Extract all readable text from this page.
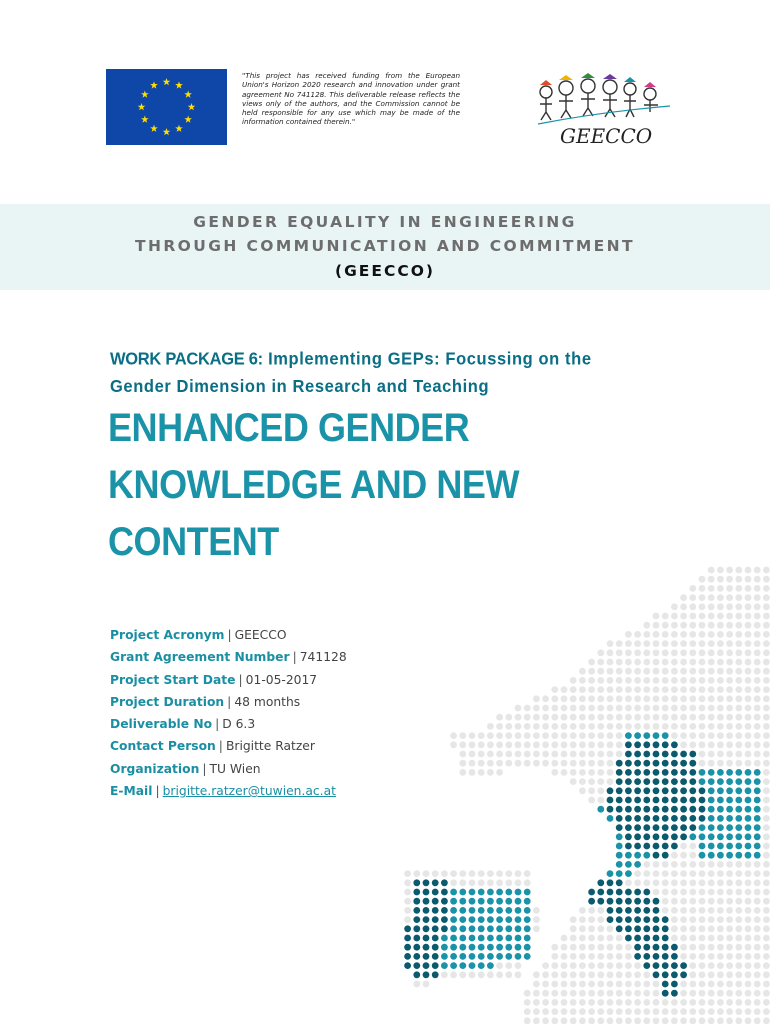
"This project has received funding from the European Union's Horizon 2020 research and innovation under grant agreement No 741128. This deliverable release reflects the views only of the authors, and the Commission cannot be held responsible for any use which may be made of the information contained therein."
GEECCO
GENDER EQUALITY IN ENGINEERING
THROUGH COMMUNICATION AND COMMITMENT
(GEECCO)
WORK PACKAGE 6: Implementing GEPs: Focussing on the
Gender Dimension in Research and Teaching
ENHANCED GENDER
KNOWLEDGE AND NEW
CONTENT
Project Acronym | GEECCO
Grant Agreement Number | 741128
Project Start Date | 01-05-2017
Project Duration | 48 months
Deliverable No | D 6.3
Contact Person | Brigitte Ratzer
Organization | TU Wien
E-Mail | brigitte.ratzer@tuwien.ac.at
